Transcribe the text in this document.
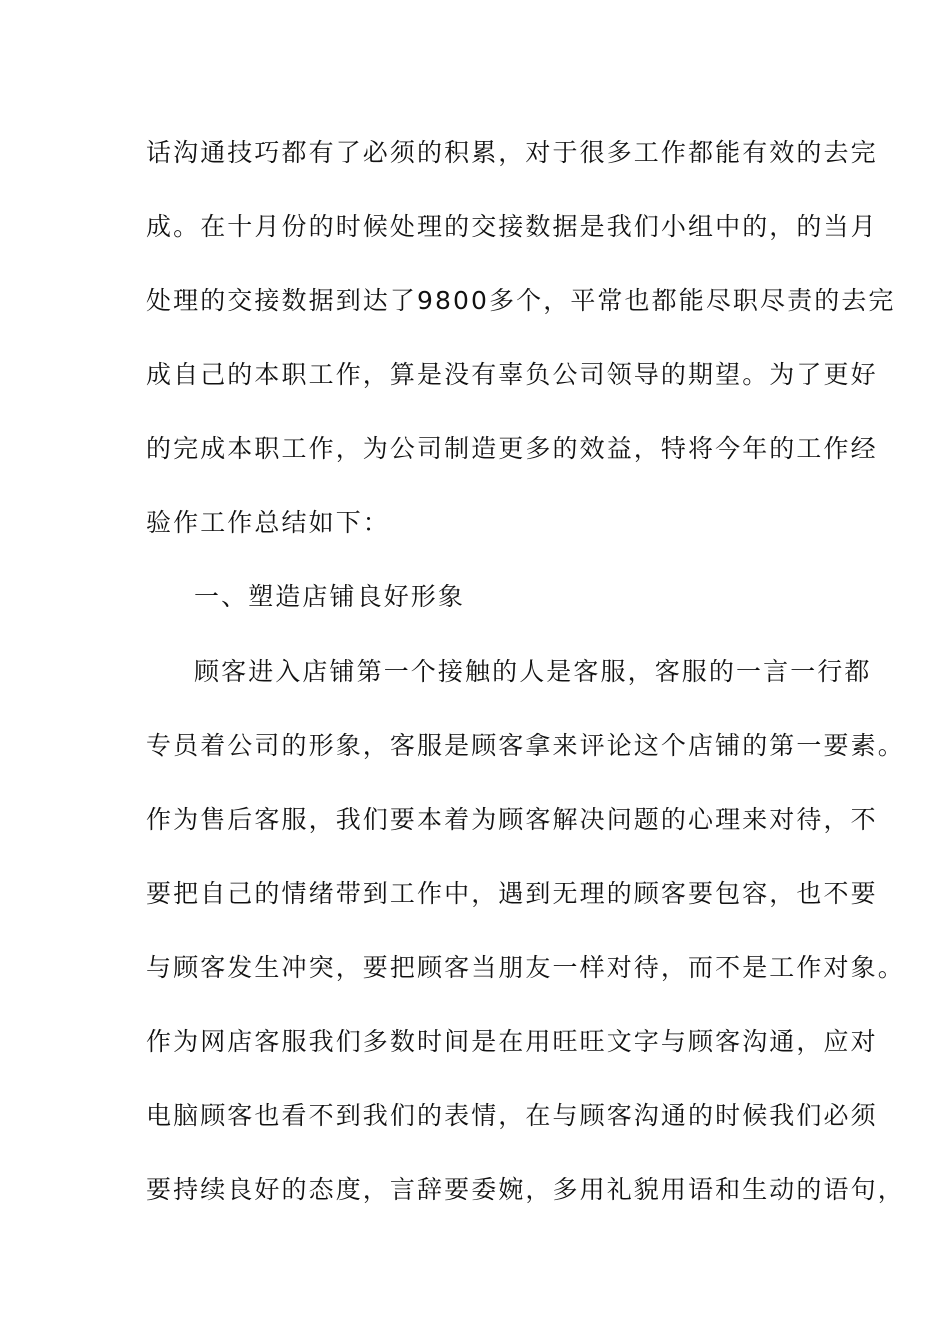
话沟通技巧都有了必须的积累，对于很多工作都能有效的去完
成。在十月份的时候处理的交接数据是我们小组中的，的当月
处理的交接数据到达了9800多个，平常也都能尽职尽责的去完
成自己的本职工作，算是没有辜负公司领导的期望。为了更好
的完成本职工作，为公司制造更多的效益，特将今年的工作经
验作工作总结如下：
一、塑造店铺良好形象
顾客进入店铺第一个接触的人是客服，客服的一言一行都
专员着公司的形象，客服是顾客拿来评论这个店铺的第一要素。
作为售后客服，我们要本着为顾客解决问题的心理来对待，不
要把自己的情绪带到工作中，遇到无理的顾客要包容，也不要
与顾客发生冲突，要把顾客当朋友一样对待，而不是工作对象。
作为网店客服我们多数时间是在用旺旺文字与顾客沟通，应对
电脑顾客也看不到我们的表情，在与顾客沟通的时候我们必须
要持续良好的态度，言辞要委婉，多用礼貌用语和生动的语句，
